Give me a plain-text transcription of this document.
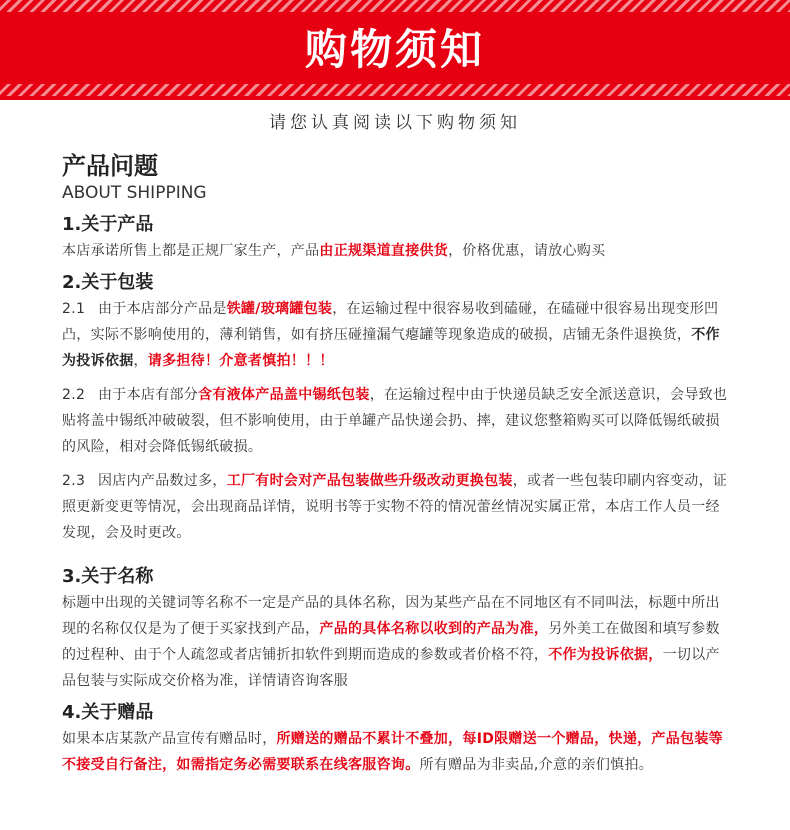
购物须知
请您认真阅读以下购物须知

产品问题

ABOUT SHIPPING

1.关于产品

本店承诺所售上都是正规厂家生产，产品由正规渠道直接供货，价格优惠，请放心购买

2.关于包装

2.1 由于本店部分产品是铁罐/玻璃罐包装，在运输过程中很容易收到磕碰，在磕碰中很容易出现变形凹凸，实际不影响使用的，薄利销售，如有挤压碰撞漏气瘪罐等现象造成的破损，店铺无条件退换货，不作为投诉依据，请多担待！介意者慎拍！！！

2.2 由于本店有部分含有液体产品盖中锡纸包装，在运输过程中由于快递员缺乏安全派送意识，会导致也贴将盖中锡纸冲破破裂，但不影响使用，由于单罐产品快递会扔、摔，建议您整箱购买可以降低锡纸破损的风险，相对会降低锡纸破损。

2.3 因店内产品数过多，工厂有时会对产品包装做些升级改动更换包装，或者一些包装印刷内容变动，证照更新变更等情况，会出现商品详情，说明书等于实物不符的情况蕾丝情况实属正常，本店工作人员一经发现，会及时更改。

3.关于名称

标题中出现的关键词等名称不一定是产品的具体名称，因为某些产品在不同地区有不同叫法，标题中所出现的名称仅仅是为了便于买家找到产品，产品的具体名称以收到的产品为准，另外美工在做图和填写参数的过程种、由于个人疏忽或者店铺折扣软件到期而造成的参数或者价格不符，不作为投诉依据，一切以产品包装与实际成交价格为准，详情请咨询客服

4.关于赠品

如果本店某款产品宣传有赠品时，所赠送的赠品不累计不叠加，每ID限赠送一个赠品，快递，产品包装等不接受自行备注，如需指定务必需要联系在线客服咨询。所有赠品为非卖品,介意的亲们慎拍。
